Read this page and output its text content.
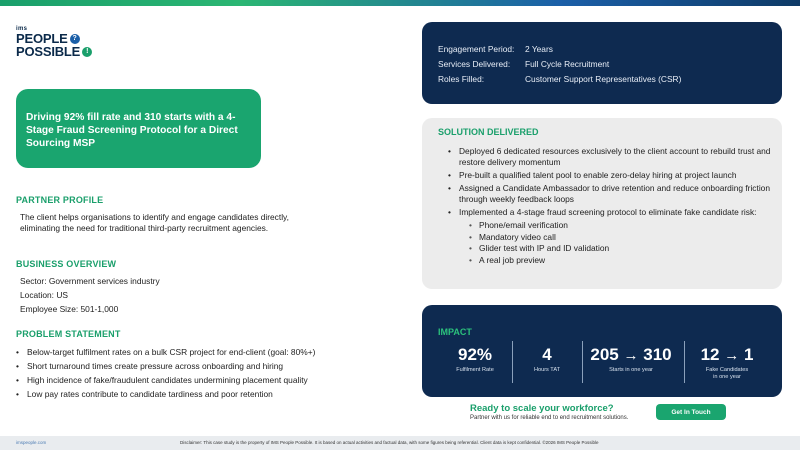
ims
PEOPLE ?
POSSIBLE !
Driving 92% fill rate and 310 starts with a 4-Stage Fraud Screening Protocol for a Direct Sourcing MSP
PARTNER PROFILE
The client helps organisations to identify and engage candidates directly, eliminating the need for traditional third-party recruitment agencies.
BUSINESS OVERVIEW
Sector: Government services industry
Location: US
Employee Size: 501-1,000
PROBLEM STATEMENT
• Below-target fulfilment rates on a bulk CSR project for end-client (goal: 80%+)
• Short turnaround times create pressure across onboarding and hiring
• High incidence of fake/fraudulent candidates undermining placement quality
• Low pay rates contribute to candidate tardiness and poor retention
Engagement Period: 2 Years
Services Delivered: Full Cycle Recruitment
Roles Filled:	Customer Support Representatives (CSR)
SOLUTION DELIVERED
• Deployed 6 dedicated resources exclusively to the client account to rebuild trust and restore delivery momentum
• Pre-built a qualified talent pool to enable zero-delay hiring at project launch
• Assigned a Candidate Ambassador to drive retention and reduce onboarding friction through weekly feedback loops
• Implemented a 4-stage fraud screening protocol to eliminate fake candidate risk:
• Phone/email verification
• Mandatory video call
• Glider test with IP and ID validation
• A real job preview
IMPACT
92%
Fulfilment Rate
4
Hours TAT
205 → 310
Starts in one year
12 → 1
Fake Candidates in one year
Ready to scale your workforce?
Partner with us for reliable end to end recruitment solutions.
Get In Touch
imspeople.com	Disclaimer: This case study is the property of IMS People Possible. It is based on actual activities and factual data, with some figures being referential. Client data is kept confidential. ©2026 IMS People Possible
